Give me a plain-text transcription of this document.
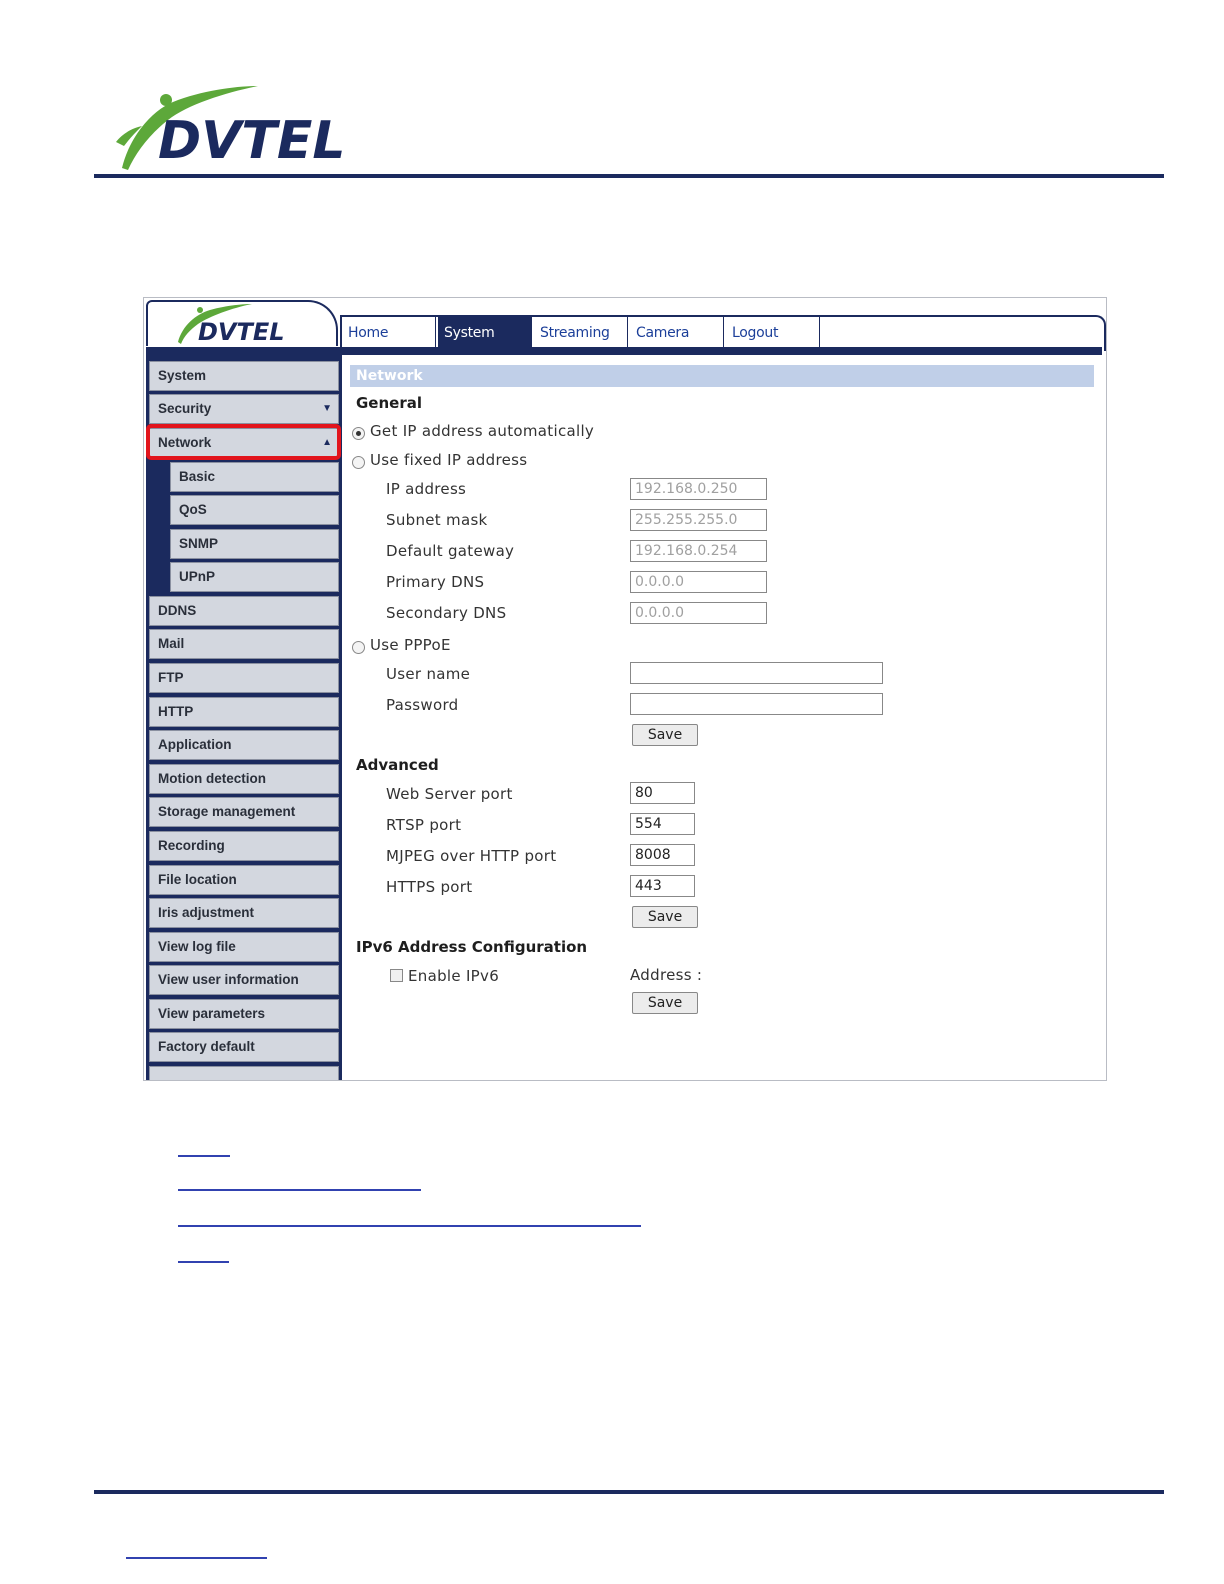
DVTEL
DVTEL	Home	System	Streaming	Camera	Logout
System
Security	▼
Network	▲
Basic
QoS
SNMP
UPnP
DDNS
Mail
FTP
HTTP
Application
Motion detection
Storage management
Recording
File location
Iris adjustment
View log file
View user information
View parameters
Factory default
Network
General
Get IP address automatically
Use fixed IP address
IP address	192.168.0.250
Subnet mask	255.255.255.0
Default gateway	192.168.0.254
Primary DNS	0.0.0.0
Secondary DNS	0.0.0.0
Use PPPoE
User name
Password
Save
Advanced
Web Server port	80
RTSP port	554
MJPEG over HTTP port	8008
HTTPS port	443
Save
IPv6 Address Configuration
Enable IPv6	Address :
Save
